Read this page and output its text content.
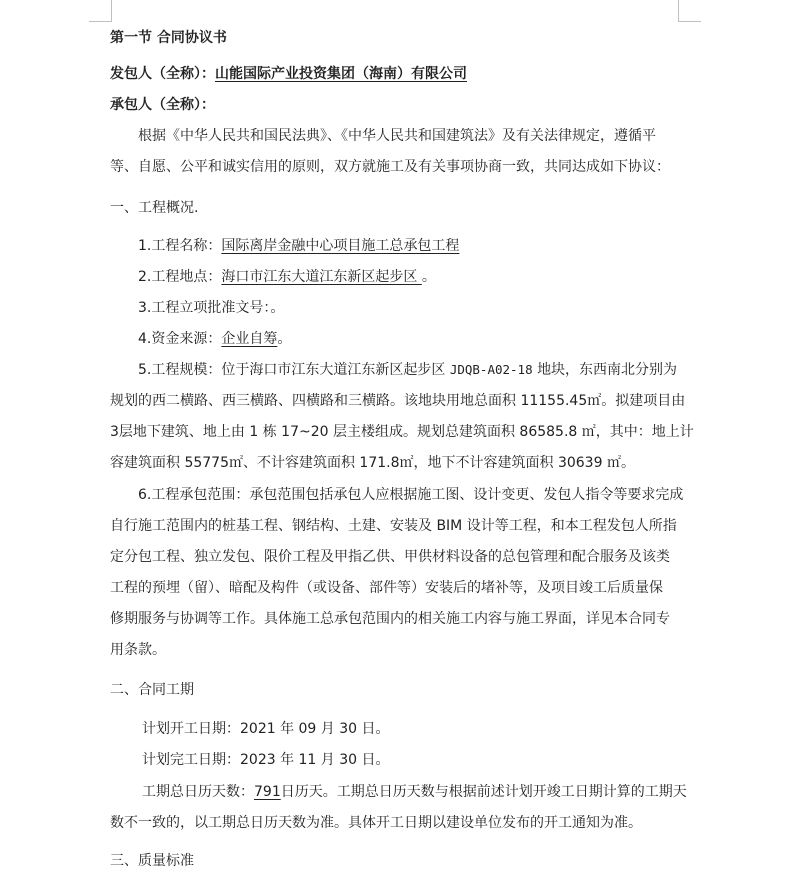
第一节 合同协议书
发包人（全称）：山能国际产业投资集团（海南）有限公司
承包人（全称）：
根据《中华人民共和国民法典》、《中华人民共和国建筑法》及有关法律规定，遵循平
等、自愿、公平和诚实信用的原则，双方就施工及有关事项协商一致，共同达成如下协议：
一、工程概况.
1.工程名称：国际离岸金融中心项目施工总承包工程
2.工程地点：海口市江东大道江东新区起步区 。
3.工程立项批准文号：。
4.资金来源：企业自筹。
5.工程规模：位于海口市江东大道江东新区起步区 JDQB-A02-18 地块，东西南北分别为
规划的西二横路、西三横路、四横路和三横路。该地块用地总面积 11155.45㎡。拟建项目由
3层地下建筑、地上由 1 栋 17~20 层主楼组成。规划总建筑面积 86585.8 ㎡，其中：地上计
容建筑面积 55775㎡、不计容建筑面积 171.8㎡，地下不计容建筑面积 30639 ㎡。
6.工程承包范围：承包范围包括承包人应根据施工图、设计变更、发包人指令等要求完成
自行施工范围内的桩基工程、钢结构、土建、安装及 BIM 设计等工程，和本工程发包人所指
定分包工程、独立发包、限价工程及甲指乙供、甲供材料设备的总包管理和配合服务及该类
工程的预埋（留）、暗配及构件（或设备、部件等）安装后的堵补等，及项目竣工后质量保
修期服务与协调等工作。具体施工总承包范围内的相关施工内容与施工界面，详见本合同专
用条款。
二、合同工期
计划开工日期：2021 年 09 月 30 日。
计划完工日期：2023 年 11 月 30 日。
工期总日历天数：791日历天。工期总日历天数与根据前述计划开竣工日期计算的工期天
数不一致的，以工期总日历天数为准。具体开工日期以建设单位发布的开工通知为准。
三、质量标准
